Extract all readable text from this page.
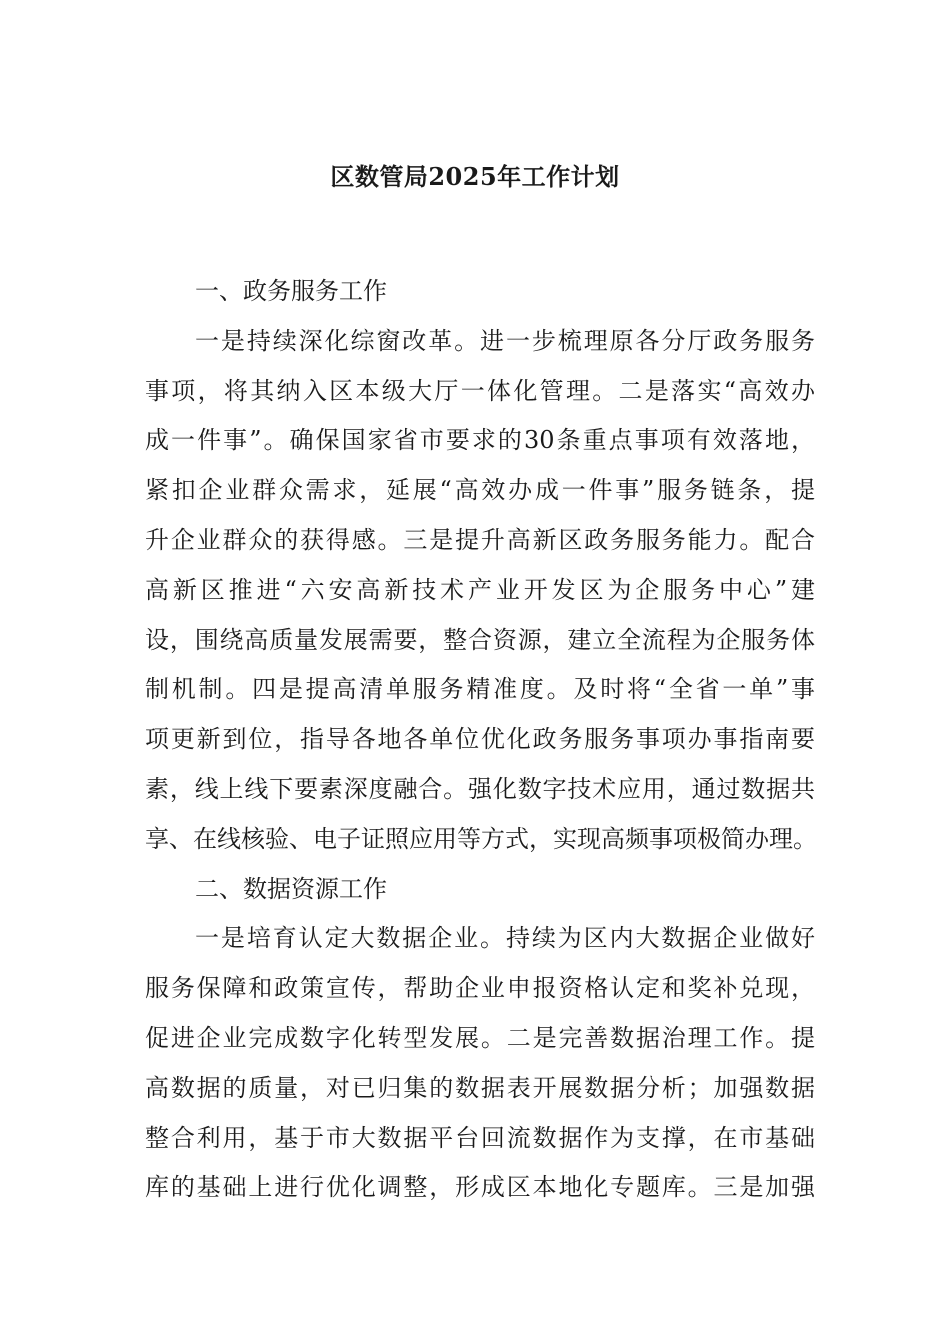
区数管局2025年工作计划
一、政务服务工作
一是持续深化综窗改革。进一步梳理原各分厅政务服务
事项，将其纳入区本级大厅一体化管理。二是落实“高效办
成一件事”。确保国家省市要求的30条重点事项有效落地，
紧扣企业群众需求，延展“高效办成一件事”服务链条，提
升企业群众的获得感。三是提升高新区政务服务能力。配合
高新区推进“六安高新技术产业开发区为企服务中心”建
设，围绕高质量发展需要，整合资源，建立全流程为企服务体
制机制。四是提高清单服务精准度。及时将“全省一单”事
项更新到位，指导各地各单位优化政务服务事项办事指南要
素，线上线下要素深度融合。强化数字技术应用，通过数据共
享、在线核验、电子证照应用等方式，实现高频事项极简办理。
二、数据资源工作
一是培育认定大数据企业。持续为区内大数据企业做好
服务保障和政策宣传，帮助企业申报资格认定和奖补兑现，
促进企业完成数字化转型发展。二是完善数据治理工作。提
高数据的质量，对已归集的数据表开展数据分析；加强数据
整合利用，基于市大数据平台回流数据作为支撑，在市基础
库的基础上进行优化调整，形成区本地化专题库。三是加强
